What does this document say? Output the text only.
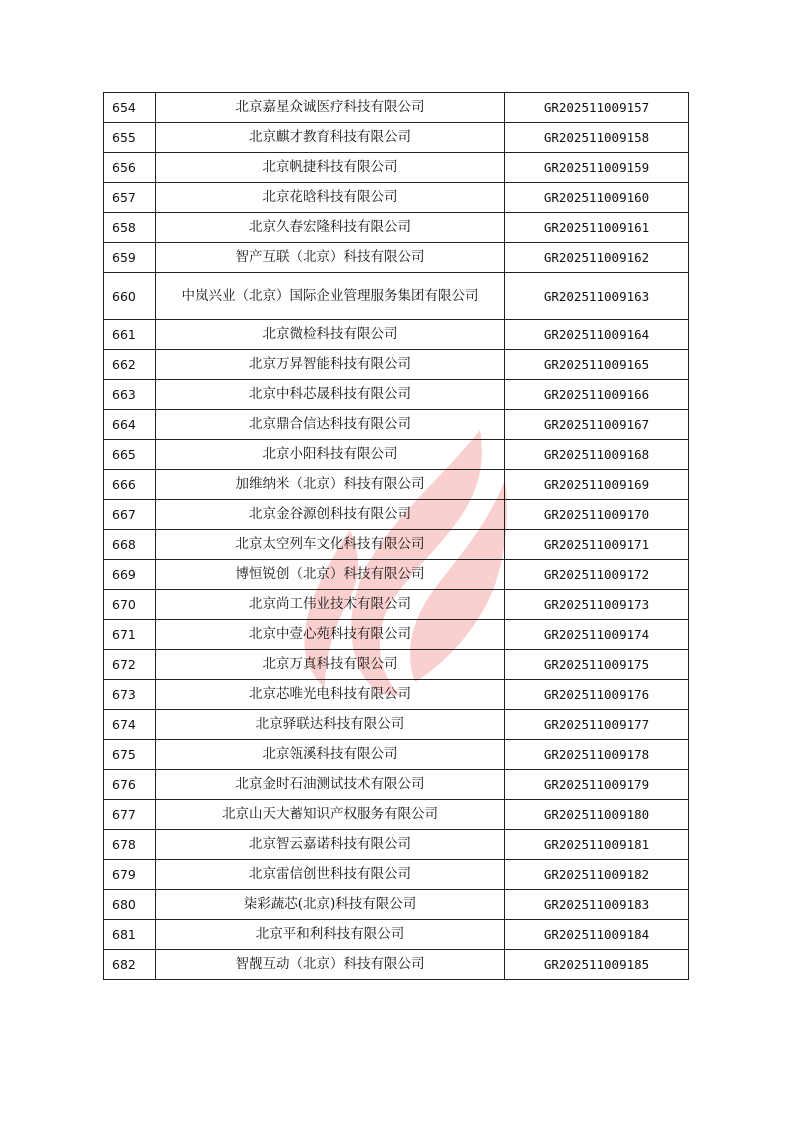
654	北京嘉星众诚医疗科技有限公司	GR202511009157
655	北京麒才教育科技有限公司	GR202511009158
656	北京帆捷科技有限公司	GR202511009159
657	北京花晗科技有限公司	GR202511009160
658	北京久春宏隆科技有限公司	GR202511009161
659	智产互联（北京）科技有限公司	GR202511009162
660	中岚兴业（北京）国际企业管理服务集团有限公司	GR202511009163
661	北京微检科技有限公司	GR202511009164
662	北京万昇智能科技有限公司	GR202511009165
663	北京中科芯晟科技有限公司	GR202511009166
664	北京鼎合信达科技有限公司	GR202511009167
665	北京小阳科技有限公司	GR202511009168
666	加维纳米（北京）科技有限公司	GR202511009169
667	北京金谷源创科技有限公司	GR202511009170
668	北京太空列车文化科技有限公司	GR202511009171
669	博恒锐创（北京）科技有限公司	GR202511009172
670	北京尚工伟业技术有限公司	GR202511009173
671	北京中壹心苑科技有限公司	GR202511009174
672	北京万真科技有限公司	GR202511009175
673	北京芯唯光电科技有限公司	GR202511009176
674	北京驿联达科技有限公司	GR202511009177
675	北京瓴溪科技有限公司	GR202511009178
676	北京金时石油测试技术有限公司	GR202511009179
677	北京山天大蓄知识产权服务有限公司	GR202511009180
678	北京智云嘉诺科技有限公司	GR202511009181
679	北京雷信创世科技有限公司	GR202511009182
680	柒彩蔬芯(北京)科技有限公司	GR202511009183
681	北京平和利科技有限公司	GR202511009184
682	智靓互动（北京）科技有限公司	GR202511009185
